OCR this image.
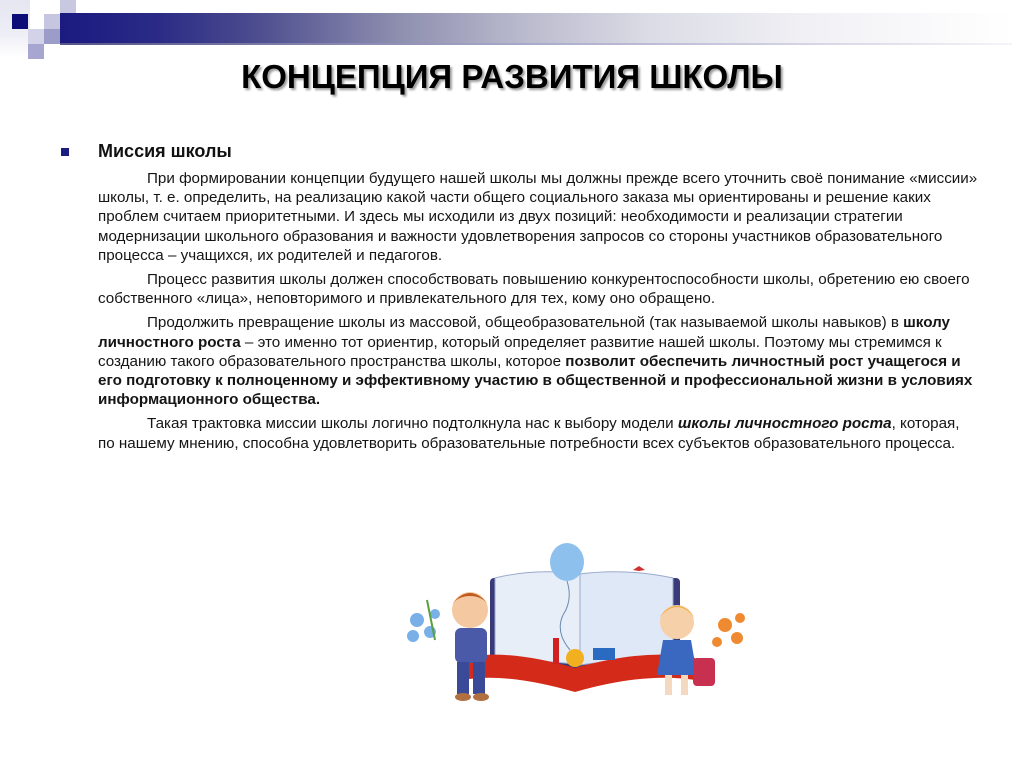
КОНЦЕПЦИЯ РАЗВИТИЯ ШКОЛЫ
Миссия школы

При формировании концепции будущего нашей школы мы должны прежде всего уточнить своё понимание «миссии» школы, т. е. определить, на реализацию какой части общего социального заказа мы ориентированы и решение каких проблем считаем приоритетными. И здесь мы исходили из двух позиций: необходимости и реализации стратегии модернизации школьного образования и важности удовлетворения запросов со стороны участников образовательного процесса – учащихся, их родителей и педагогов.

Процесс развития школы должен способствовать повышению конкурентоспособности школы, обретению ею своего собственного «лица», неповторимого и привлекательного для тех, кому оно обращено.

Продолжить превращение школы из массовой, общеобразовательной (так называемой школы навыков) в школу личностного роста – это именно тот ориентир, который определяет развитие нашей школы. Поэтому мы стремимся к созданию такого образовательного пространства школы, которое позволит обеспечить личностный рост учащегося и его подготовку к полноценному и эффективному участию в общественной и профессиональной жизни в условиях информационного общества.

Такая трактовка миссии школы логично подтолкнула нас к выбору модели школы личностного роста, которая, по нашему мнению, способна удовлетворить образовательные потребности всех субъектов образовательного процесса.
